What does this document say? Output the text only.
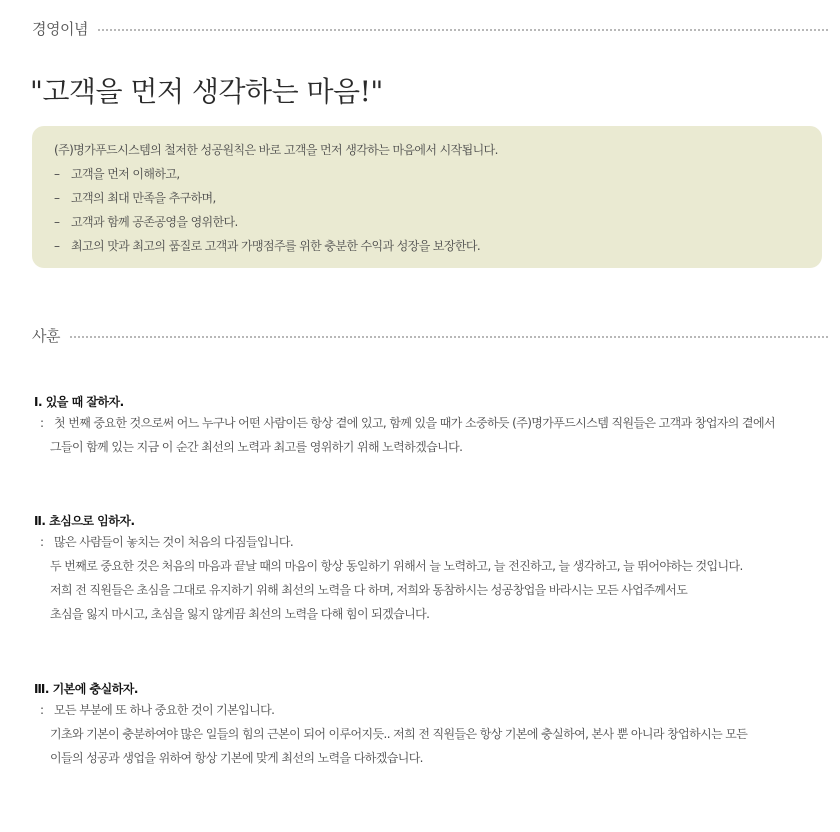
경영이념
"고객을 먼저 생각하는 마음!"
(주)명가푸드시스템의 철저한 성공원칙은 바로 고객을 먼저 생각하는 마음에서 시작됩니다.
– 고객을 먼저 이해하고,
– 고객의 최대 만족을 추구하며,
– 고객과 함께 공존공영을 영위한다.
– 최고의 맛과 최고의 품질로 고객과 가맹점주를 위한 충분한 수익과 성장을 보장한다.
사훈
Ⅰ. 있을 때 잘하자.
: 첫 번째 중요한 것으로써 어느 누구나 어떤 사람이든 항상 곁에 있고, 함께 있을 때가 소중하듯 (주)명가푸드시스템 직원들은 고객과 창업자의 곁에서
그들이 함께 있는 지금 이 순간 최선의 노력과 최고를 영위하기 위해 노력하겠습니다.
Ⅱ. 초심으로 임하자.
: 많은 사람들이 놓치는 것이 처음의 다짐들입니다.
두 번째로 중요한 것은 처음의 마음과 끝날 때의 마음이 항상 동일하기 위해서 늘 노력하고, 늘 전진하고, 늘 생각하고, 늘 뛰어야하는 것입니다.
저희 전 직원들은 초심을 그대로 유지하기 위해 최선의 노력을 다 하며, 저희와 동참하시는 성공창업을 바라시는 모든 사업주께서도
초심을 잃지 마시고, 초심을 잃지 않게끔 최선의 노력을 다해 힘이 되겠습니다.
Ⅲ. 기본에 충실하자.
: 모든 부분에 또 하나 중요한 것이 기본입니다.
기초와 기본이 충분하여야 많은 일들의 힘의 근본이 되어 이루어지듯.. 저희 전 직원들은 항상 기본에 충실하여, 본사 뿐 아니라 창업하시는 모든
이들의 성공과 생업을 위하여 항상 기본에 맞게 최선의 노력을 다하겠습니다.
